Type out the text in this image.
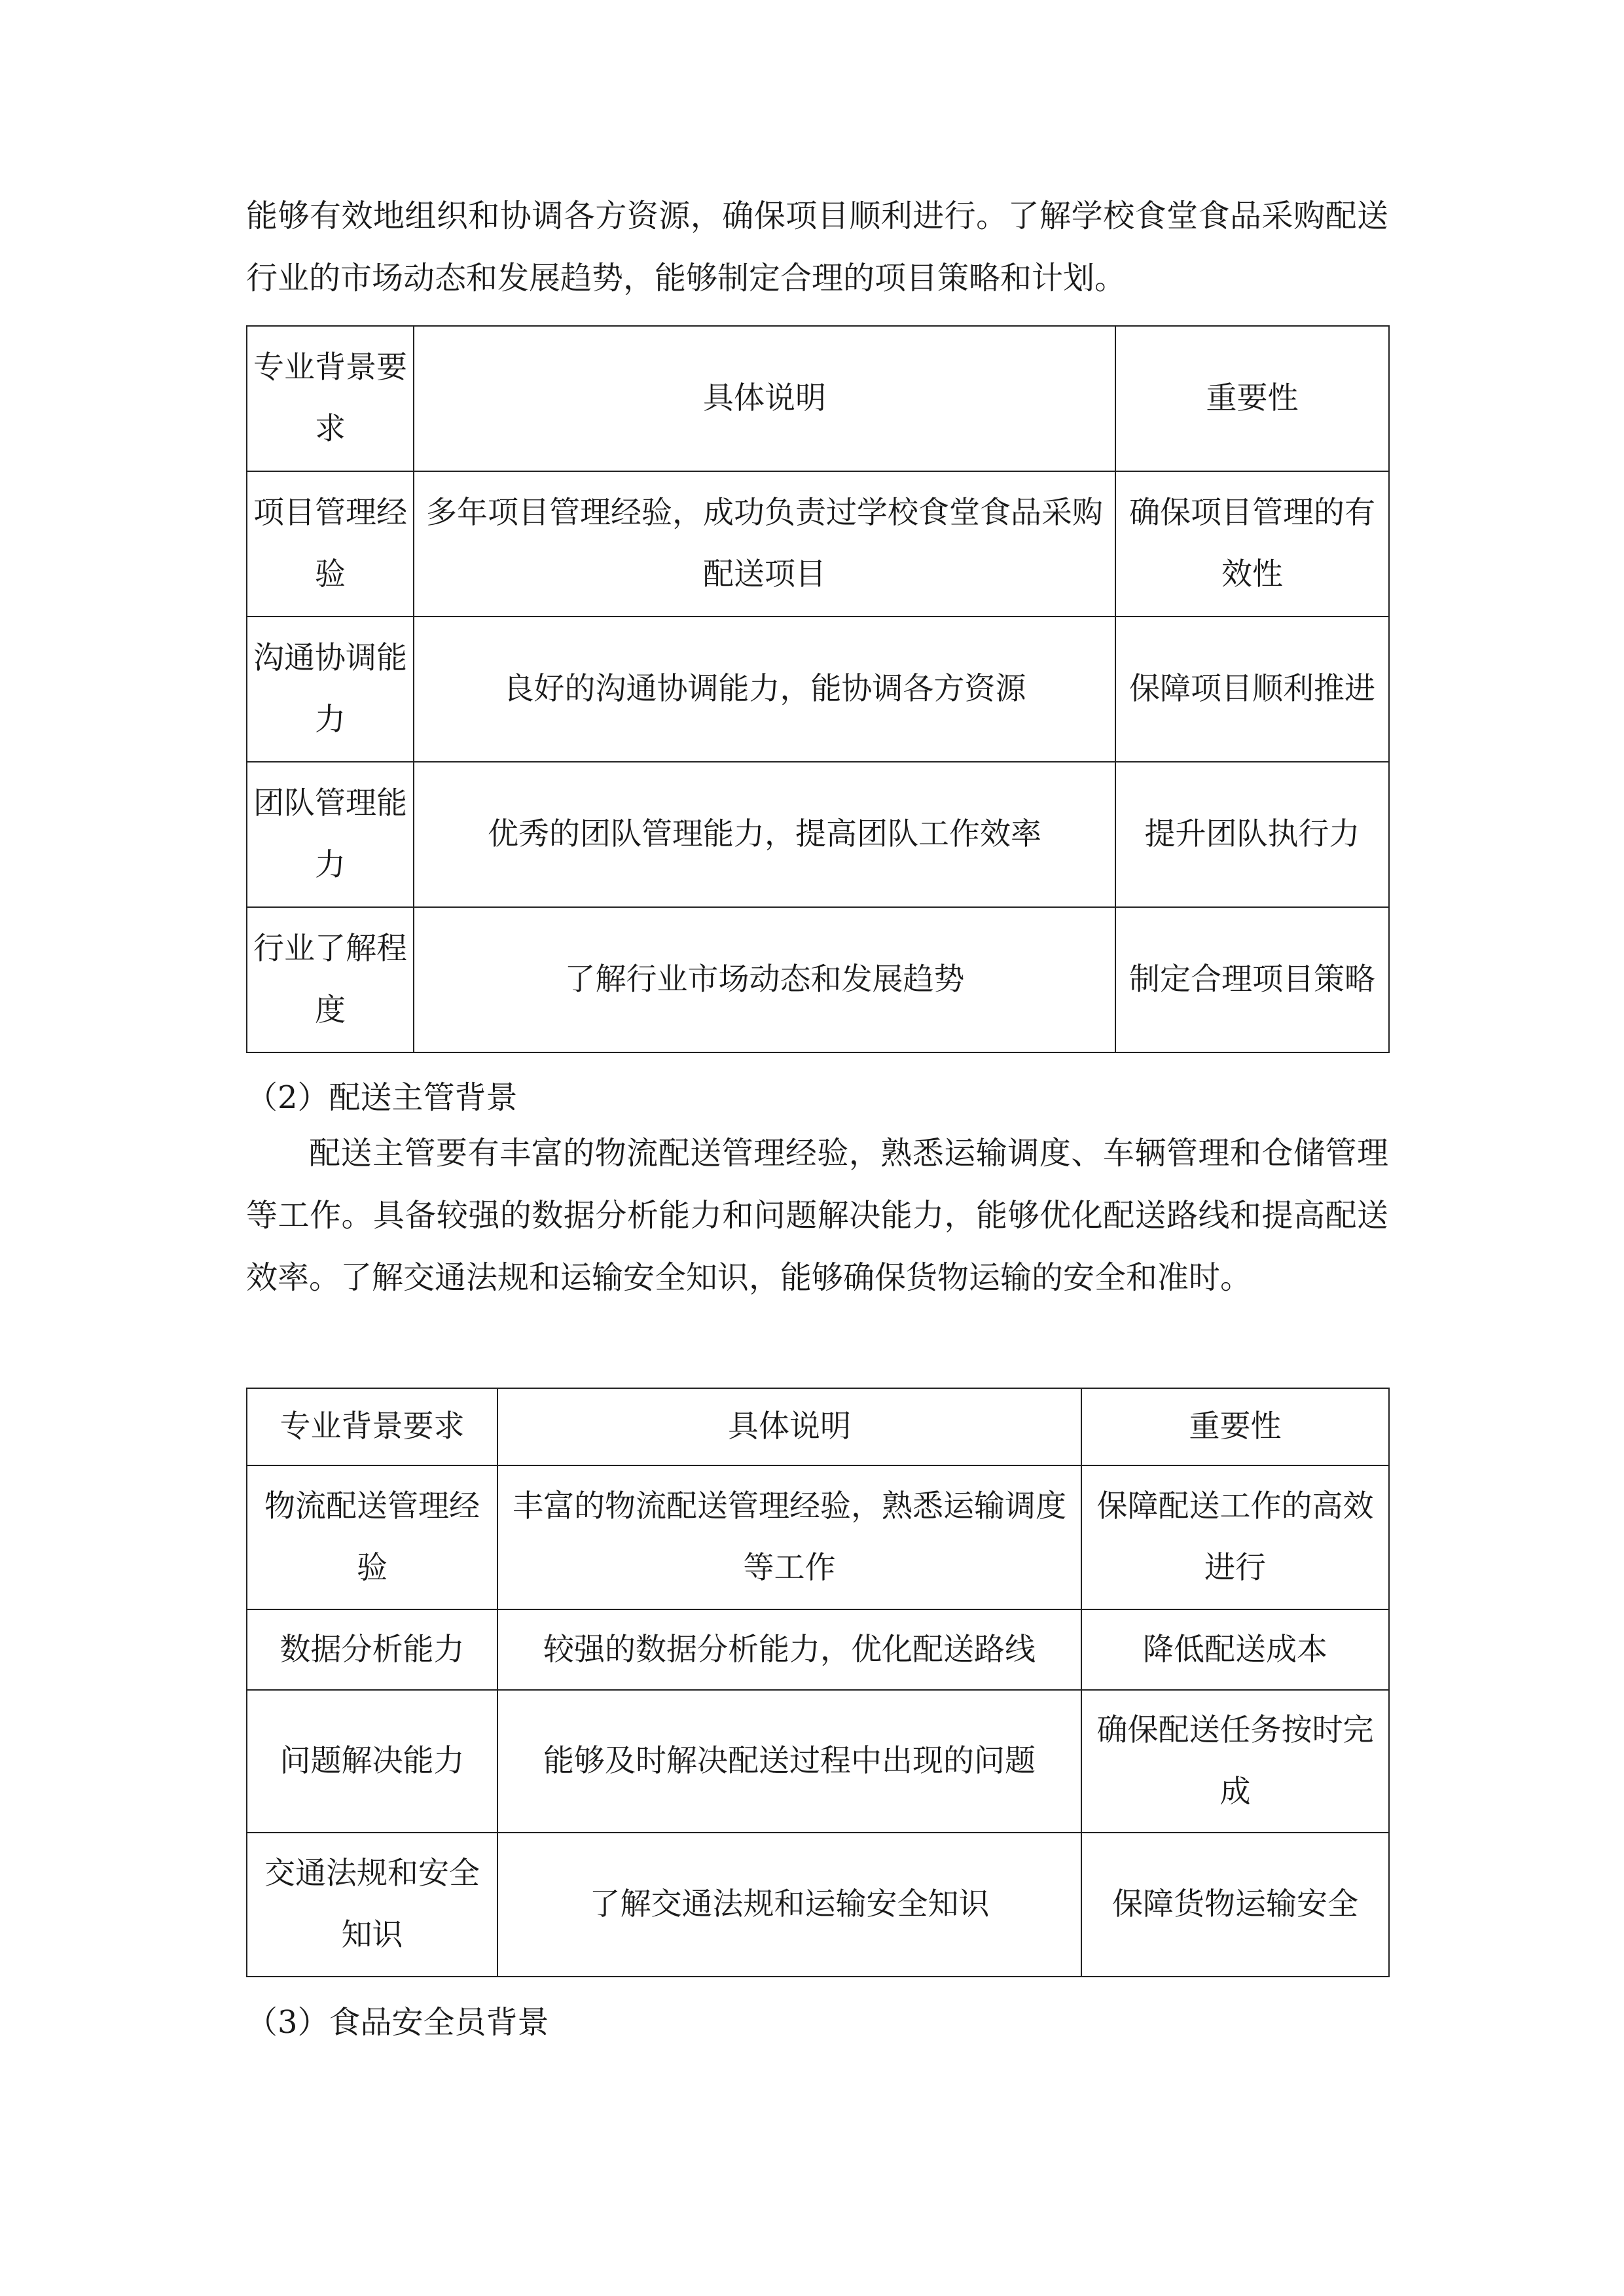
能够有效地组织和协调各方资源，确保项目顺利进行。了解学校食堂食品采购配送行业的市场动态和发展趋势，能够制定合理的项目策略和计划。

专业背景要求	具体说明	重要性
项目管理经验	多年项目管理经验，成功负责过学校食堂食品采购配送项目	确保项目管理的有效性
沟通协调能力	良好的沟通协调能力，能协调各方资源	保障项目顺利推进
团队管理能力	优秀的团队管理能力，提高团队工作效率	提升团队执行力
行业了解程度	了解行业市场动态和发展趋势	制定合理项目策略

（2）配送主管背景

配送主管要有丰富的物流配送管理经验，熟悉运输调度、车辆管理和仓储管理等工作。具备较强的数据分析能力和问题解决能力，能够优化配送路线和提高配送效率。了解交通法规和运输安全知识，能够确保货物运输的安全和准时。

专业背景要求	具体说明	重要性
物流配送管理经验	丰富的物流配送管理经验，熟悉运输调度等工作	保障配送工作的高效进行
数据分析能力	较强的数据分析能力，优化配送路线	降低配送成本
问题解决能力	能够及时解决配送过程中出现的问题	确保配送任务按时完成
交通法规和安全知识	了解交通法规和运输安全知识	保障货物运输安全

（3）食品安全员背景
